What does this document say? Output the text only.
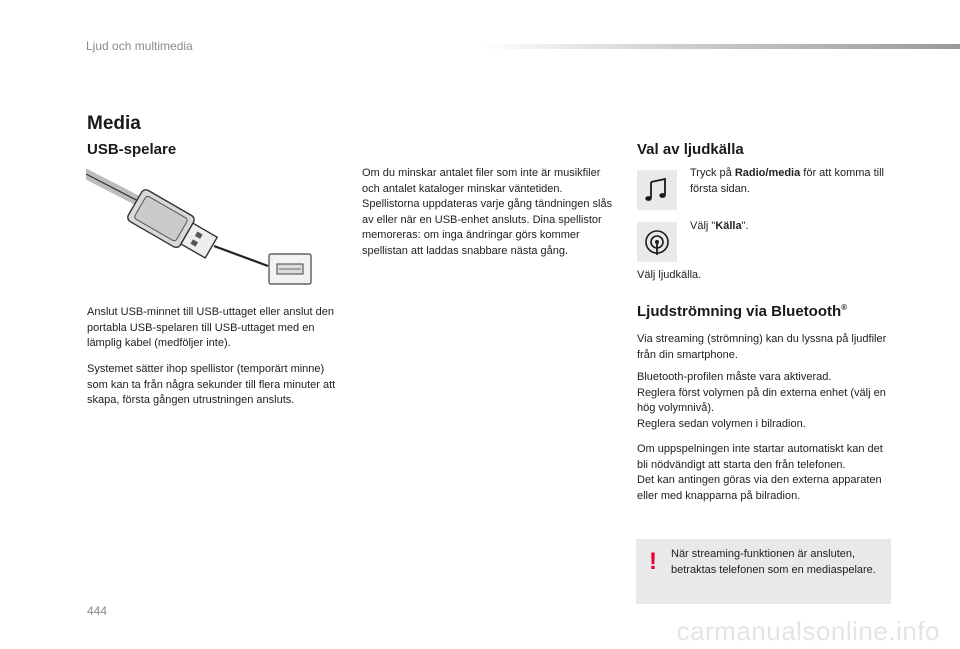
Ljud och multimedia
Media
USB-spelare

Anslut USB-minnet till USB-uttaget eller anslut den portabla USB-spelaren till USB-uttaget med en lämplig kabel (medföljer inte).

Systemet sätter ihop spellistor (temporärt minne) som kan ta från några sekunder till flera minuter att skapa, första gången utrustningen ansluts.

Om du minskar antalet filer som inte är musikfiler och antalet kataloger minskar väntetiden.
Spellistorna uppdateras varje gång tändningen slås av eller när en USB-enhet ansluts. Dina spellistor memoreras: om inga ändringar görs kommer spellistan att laddas snabbare nästa gång.

Val av ljudkälla

Tryck på Radio/media för att komma till första sidan.

Välj "Källa".

Välj ljudkälla.

Ljudströmning via Bluetooth®

Via streaming (strömning) kan du lyssna på ljudfiler från din smartphone.

Bluetooth-profilen måste vara aktiverad.
Reglera först volymen på din externa enhet (välj en hög volymnivå).
Reglera sedan volymen i bilradion.

Om uppspelningen inte startar automatiskt kan det bli nödvändigt att starta den från telefonen.
Det kan antingen göras via den externa apparaten eller med knapparna på bilradion.

! När streaming-funktionen är ansluten, betraktas telefonen som en mediaspelare.
444
carmanualsonline.info
